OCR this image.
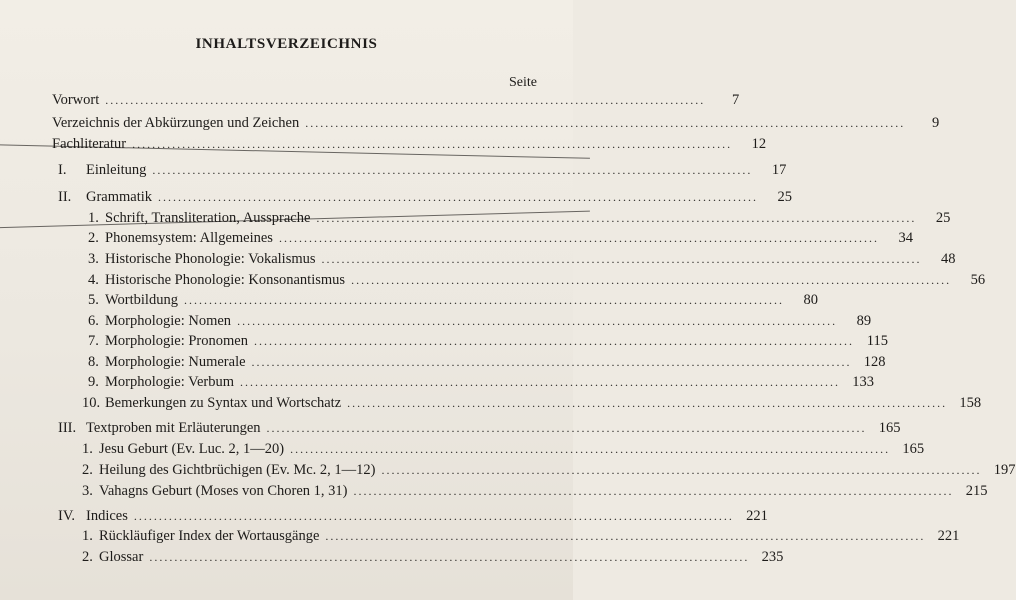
INHALTSVERZEICHNIS
Seite
Vorwort ........................................................................................................................	7
Verzeichnis der Abkürzungen und Zeichen ........................................................................................................................	9
Fachliteratur ........................................................................................................................	12
I.	Einleitung ........................................................................................................................	17
II.	Grammatik ........................................................................................................................	25
1. Schrift, Transliteration, Aussprache ........................................................................................................................	25
2. Phonemsystem: Allgemeines ........................................................................................................................	34
3. Historische Phonologie: Vokalismus ........................................................................................................................	48
4. Historische Phonologie: Konsonantismus ........................................................................................................................	56
5. Wortbildung ........................................................................................................................	80
6. Morphologie: Nomen ........................................................................................................................	89
7. Morphologie: Pronomen ........................................................................................................................ 115
8. Morphologie: Numerale ........................................................................................................................ 128
9. Morphologie: Verbum ........................................................................................................................ 133
10. Bemerkungen zu Syntax und Wortschatz ........................................................................................................................ 158
III. Textproben mit Erläuterungen ........................................................................................................................ 165
1. Jesu Geburt (Ev. Luc. 2, 1—20) ........................................................................................................................ 165
2. Heilung des Gichtbrüchigen (Ev. Mc. 2, 1—12) ........................................................................................................................ 197
3. Vahagns Geburt (Moses von Choren 1, 31) ........................................................................................................................ 215
IV. Indices ........................................................................................................................ 221
1. Rückläufiger Index der Wortausgänge ........................................................................................................................ 221
2. Glossar ........................................................................................................................ 235
